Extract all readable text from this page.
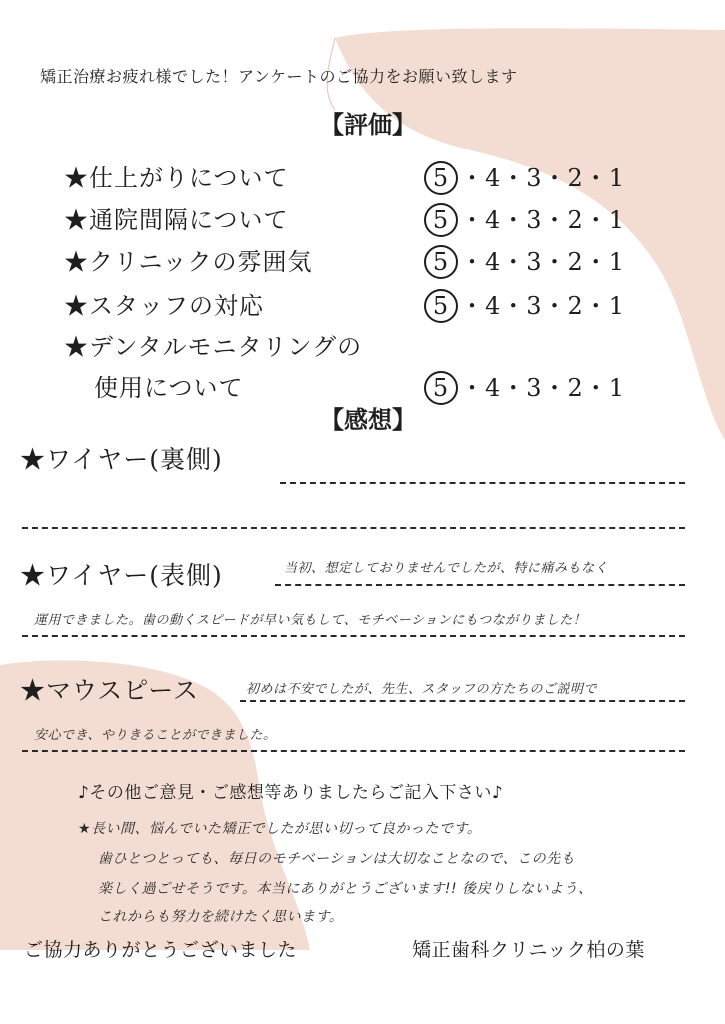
矯正治療お疲れ様でした！アンケートのご協力をお願い致します
【評価】
★仕上がりについて	5 ・4・3・2・1
★通院間隔について	5 ・4・3・2・1
★クリニックの雰囲気	5 ・4・3・2・1
★スタッフの対応	5 ・4・3・2・1
★デンタルモニタリングの
使用について	5 ・4・3・2・1
【感想】
★ワイヤー(裏側)
★ワイヤー(表側)	当初、想定しておりませんでしたが、特に痛みもなく
運用できました。歯の動くスピードが早い気もして、モチベーションにもつながりました！
★マウスピース	初めは不安でしたが、先生、スタッフの方たちのご説明で
安心でき、やりきることができました。
♪その他ご意見・ご感想等ありましたらご記入下さい♪
★長い間、悩んでいた矯正でしたが思い切って良かったです。
歯ひとつとっても、毎日のモチベーションは大切なことなので、この先も
楽しく過ごせそうです。本当にありがとうございます!! 後戻りしないよう、
これからも努力を続けたく思います。
ご協力ありがとうございました	矯正歯科クリニック柏の葉
